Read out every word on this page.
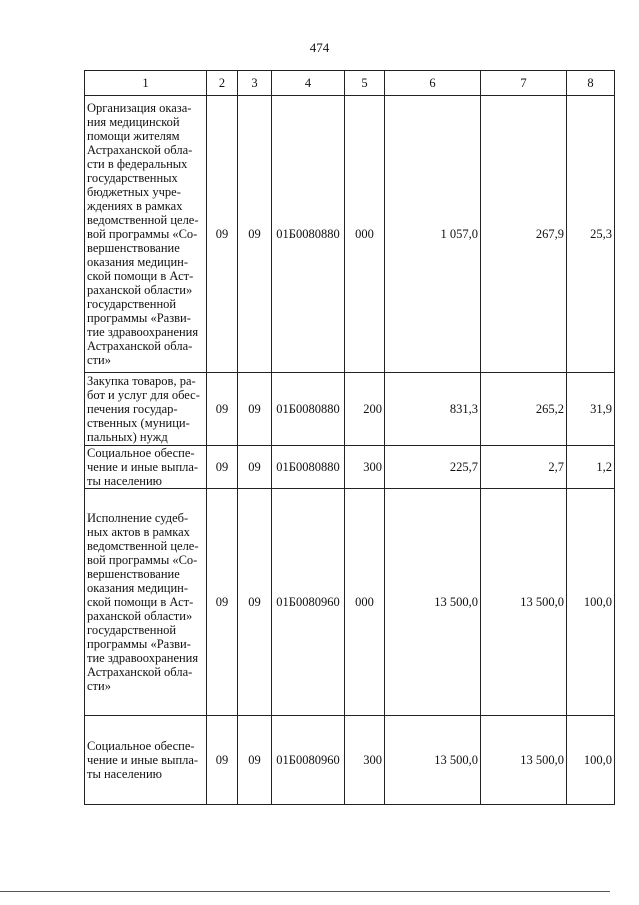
474
1	2	3	4	5	6	7	8
Организация оказа-ния медицинской помощи жителям Астраханской обла-сти в федеральных государственных бюджетных учре-ждениях в рамках ведомственной целе-вой программы «Со-вершенствование оказания медицин-ской помощи в Аст-раханской области» государственной программы «Разви-тие здравоохранения Астраханской обла-сти»	09	09	01Б0080880	000	1 057,0	267,9	25,3
Закупка товаров, ра-бот и услуг для обес-печения государ-ственных (муници-пальных) нужд	09	09	01Б0080880	200	831,3	265,2	31,9
Социальное обеспе-чение и иные выпла-ты населению	09	09	01Б0080880	300	225,7	2,7	1,2
Исполнение судеб-ных актов в рамках ведомственной целе-вой программы «Со-вершенствование оказания медицин-ской помощи в Аст-раханской области» государственной программы «Разви-тие здравоохранения Астраханской обла-сти»	09	09	01Б0080960	000	13 500,0	13 500,0	100,0
Социальное обеспе-чение и иные выпла-ты населению	09	09	01Б0080960	300	13 500,0	13 500,0	100,0
